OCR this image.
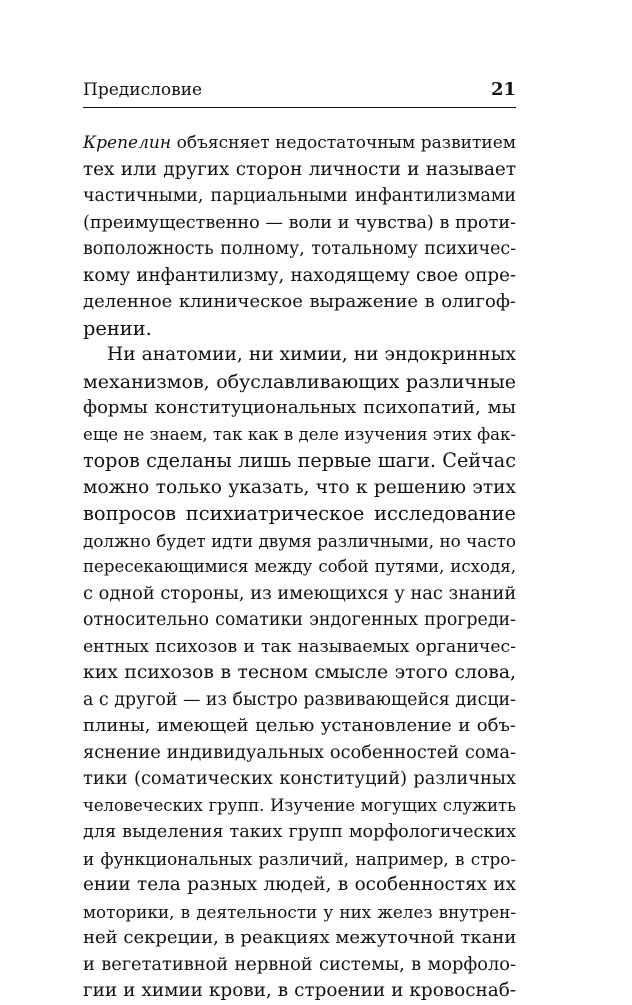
Предисловие	21
Крепелин объясняет недостаточным развитием
тех или других сторон личности и называет
частичными, парциальными инфантилизмами
(преимущественно — воли и чувства) в проти-
воположность полному, тотальному психичес-
кому инфантилизму, находящему свое опре-
деленное клиническое выражение в олигоф-
рении.
Ни анатомии, ни химии, ни эндокринных
механизмов, обуславливающих различные
формы конституциональных психопатий, мы
еще не знаем, так как в деле изучения этих фак-
торов сделаны лишь первые шаги. Сейчас
можно только указать, что к решению этих
вопросов психиатрическое исследование
должно будет идти двумя различными, но часто
пересекающимися между собой путями, исходя,
с одной стороны, из имеющихся у нас знаний
относительно соматики эндогенных прогреди-
ентных психозов и так называемых органичес-
ких психозов в тесном смысле этого слова,
а с другой — из быстро развивающейся дисци-
плины, имеющей целью установление и объ-
яснение индивидуальных особенностей сома-
тики (соматических конституций) различных
человеческих групп. Изучение могущих служить
для выделения таких групп морфологических
и функциональных различий, например, в стро-
ении тела разных людей, в особенностях их
моторики, в деятельности у них желез внутрен-
ней секреции, в реакциях межуточной ткани
и вегетативной нервной системы, в морфоло-
гии и химии крови, в строении и кровоснаб-
